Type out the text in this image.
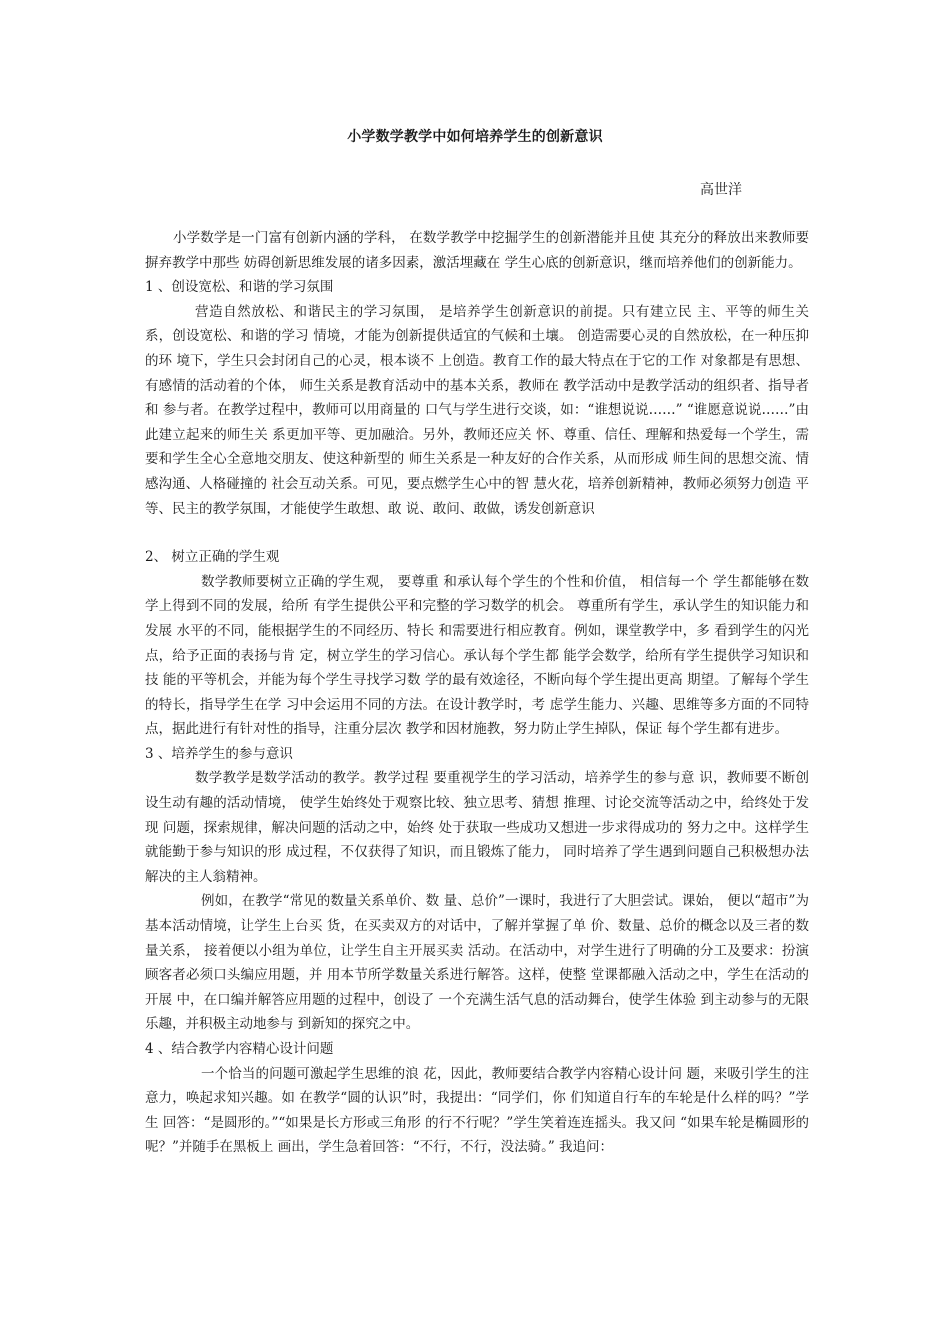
小学数学教学中如何培养学生的创新意识
高世洋

小学数学是一门富有创新内涵的学科， 在数学教学中挖掘学生的创新潜能并且使 其充分的释放出来教师要摒弃教学中那些 妨碍创新思维发展的诸多因素，激活埋藏在 学生心底的创新意识，继而培养他们的创新能力。

1 、创设宽松、和谐的学习氛围

营造自然放松、和谐民主的学习氛围， 是培养学生创新意识的前提。只有建立民 主、平等的师生关系，创设宽松、和谐的学习 情境，才能为创新提供适宜的气候和土壤。 创造需要心灵的自然放松，在一种压抑的环 境下，学生只会封闭自己的心灵，根本谈不 上创造。教育工作的最大特点在于它的工作 对象都是有思想、有感情的活动着的个体， 师生关系是教育活动中的基本关系，教师在 教学活动中是教学活动的组织者、指导者和 参与者。在教学过程中，教师可以用商量的 口气与学生进行交谈，如：“谁想说说……” “谁愿意说说……”由此建立起来的师生关 系更加平等、更加融洽。另外，教师还应关 怀、尊重、信任、理解和热爱每一个学生，需 要和学生全心全意地交朋友、使这种新型的 师生关系是一种友好的合作关系，从而形成 师生间的思想交流、情感沟通、人格碰撞的 社会互动关系。可见，要点燃学生心中的智 慧火花，培养创新精神，教师必须努力创造 平等、民主的教学氛围，才能使学生敢想、敢 说、敢问、敢做，诱发创新意识

2、 树立正确的学生观

数学教师要树立正确的学生观， 要尊重 和承认每个学生的个性和价值， 相信每一个 学生都能够在数学上得到不同的发展，给所 有学生提供公平和完整的学习数学的机会。 尊重所有学生，承认学生的知识能力和发展 水平的不同，能根据学生的不同经历、特长 和需要进行相应教育。例如，课堂教学中，多 看到学生的闪光点，给予正面的表扬与肯 定，树立学生的学习信心。承认每个学生都 能学会数学，给所有学生提供学习知识和技 能的平等机会，并能为每个学生寻找学习数 学的最有效途径，不断向每个学生提出更高 期望。了解每个学生的特长，指导学生在学 习中会运用不同的方法。在设计教学时，考 虑学生能力、兴趣、思维等多方面的不同特 点，据此进行有针对性的指导，注重分层次 教学和因材施教，努力防止学生掉队，保证 每个学生都有进步。

3 、培养学生的参与意识

数学教学是数学活动的教学。教学过程 要重视学生的学习活动，培养学生的参与意 识，教师要不断创设生动有趣的活动情境， 使学生始终处于观察比较、独立思考、猜想 推理、讨论交流等活动之中，给终处于发现 问题，探索规律，解决问题的活动之中，始终 处于获取一些成功又想进一步求得成功的 努力之中。这样学生就能勤于参与知识的形 成过程，不仅获得了知识，而且锻炼了能力， 同时培养了学生遇到问题自己积极想办法 解决的主人翁精神。

例如，在教学“常见的数量关系单价、数 量、总价”一课时，我进行了大胆尝试。课始， 便以“超市”为基本活动情境，让学生上台买 货，在买卖双方的对话中，了解并掌握了单 价、数量、总价的概念以及三者的数量关系， 接着便以小组为单位，让学生自主开展买卖 活动。在活动中，对学生进行了明确的分工及要求：扮演顾客者必须口头编应用题，并 用本节所学数量关系进行解答。这样，使整 堂课都融入活动之中，学生在活动的开展 中，在口编并解答应用题的过程中，创设了 一个充满生活气息的活动舞台，使学生体验 到主动参与的无限乐趣，并积极主动地参与 到新知的探究之中。

4 、结合教学内容精心设计问题

一个恰当的问题可激起学生思维的浪 花，因此，教师要结合教学内容精心设计问 题，来吸引学生的注意力，唤起求知兴趣。如 在教学“圆的认识”时，我提出：“同学们，你 们知道自行车的车轮是什么样的吗？”学生 回答：“是圆形的。”“如果是长方形或三角形 的行不行呢？”学生笑着连连摇头。我又问 “如果车轮是椭圆形的呢？”并随手在黑板上 画出，学生急着回答：“不行，不行，没法骑。” 我追问：
